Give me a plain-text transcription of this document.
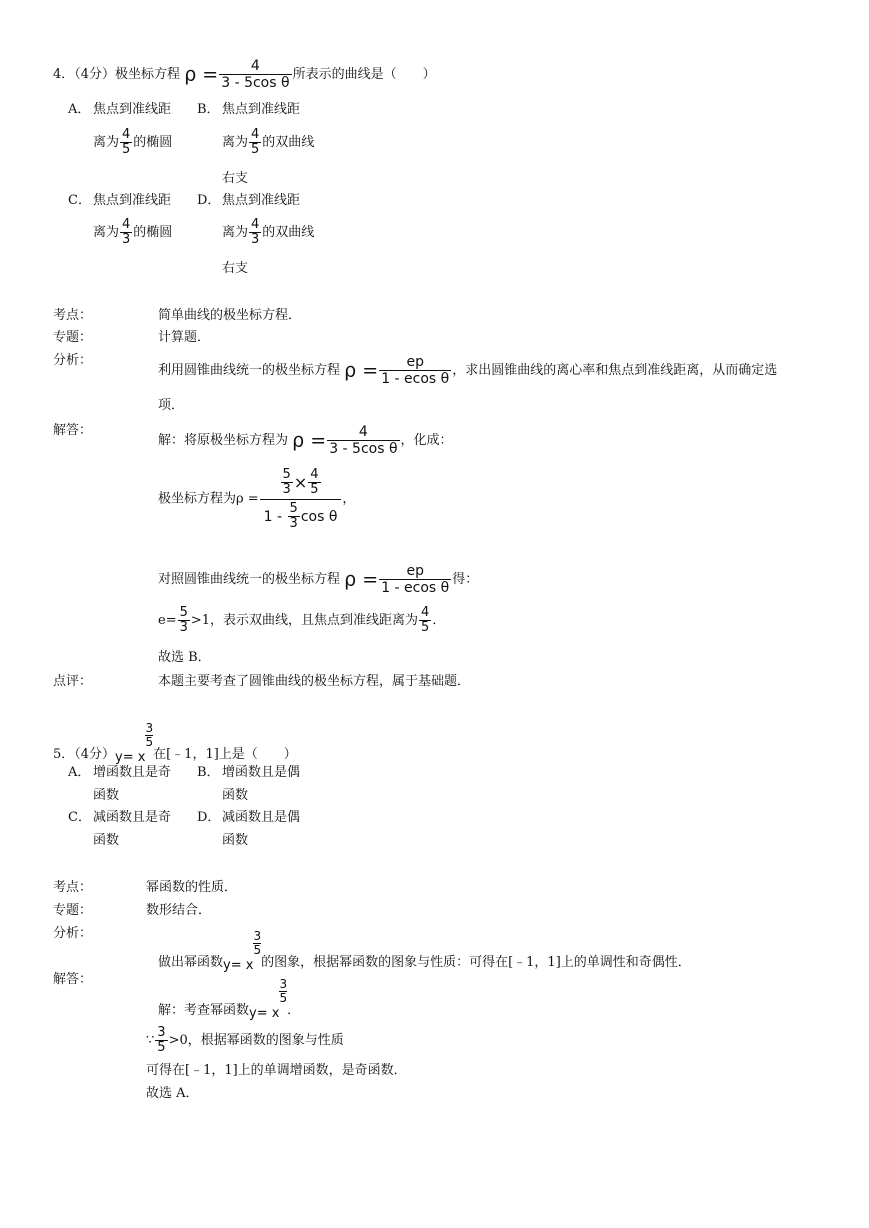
4．（4分）极坐标方程 $\rho = \frac{4}{\text{3 - 5cos θ}}$ 所表示的曲线是（　　）
A． 焦点到准线距
离为 $\frac{4}{5}$ 的椭圆
B． 焦点到准线距
离为 $\frac{4}{5}$ 的双曲线
右支
C． 焦点到准线距
离为 $\frac{4}{3}$ 的椭圆
D． 焦点到准线距
离为 $\frac{4}{3}$ 的双曲线
右支
考点：	简单曲线的极坐标方程．
专题：	计算题．
分析：
利用圆锥曲线统一的极坐标方程 $\rho = \frac{ep}{\text{1 - ecos θ}}$ ，求出圆锥曲线的离心率和焦点到准线距离，从而确定选
项．
解答：
解：将原极坐标方程为 $\rho = \frac{4}{\text{3 - 5cos θ}}$ ，化成：
极坐标方程为$\rho = \frac{5}{3} \times \frac{4}{5}$
1 -
$\frac{5}{3}$ cos θ ，
对照圆锥曲线统一的极坐标方程 $\rho = \frac{ep}{\text{1 - ecos θ}}$ 得：
$e= \frac{5}{3} >1$，表示双曲线，且焦点到准线距离为 $\frac{4}{5}$ ．
故选 B．
点评：	本题主要考查了圆锥曲线的极坐标方程，属于基础题．
5．（4分）y= x
$\frac{3}{5}$
在[﹣1，1]上是（　　）
A． 增函数且是奇
函数
B． 增函数且是偶
函数
C． 减函数且是奇
函数
D． 减函数且是偶
函数
考点：	幂函数的性质．
专题：	数形结合．
分析：
做出幂函数y= x
$\frac{3}{5}$
的图象，根据幂函数的图象与性质：可得在[﹣1，1]上的单调性和奇偶性．
解答：
解：考查幂函数y= x
$\frac{3}{5}$
．
∵ $\frac{3}{5} >0$，根据幂函数的图象与性质
可得在[﹣1，1]上的单调增函数，是奇函数．
故选 A．
